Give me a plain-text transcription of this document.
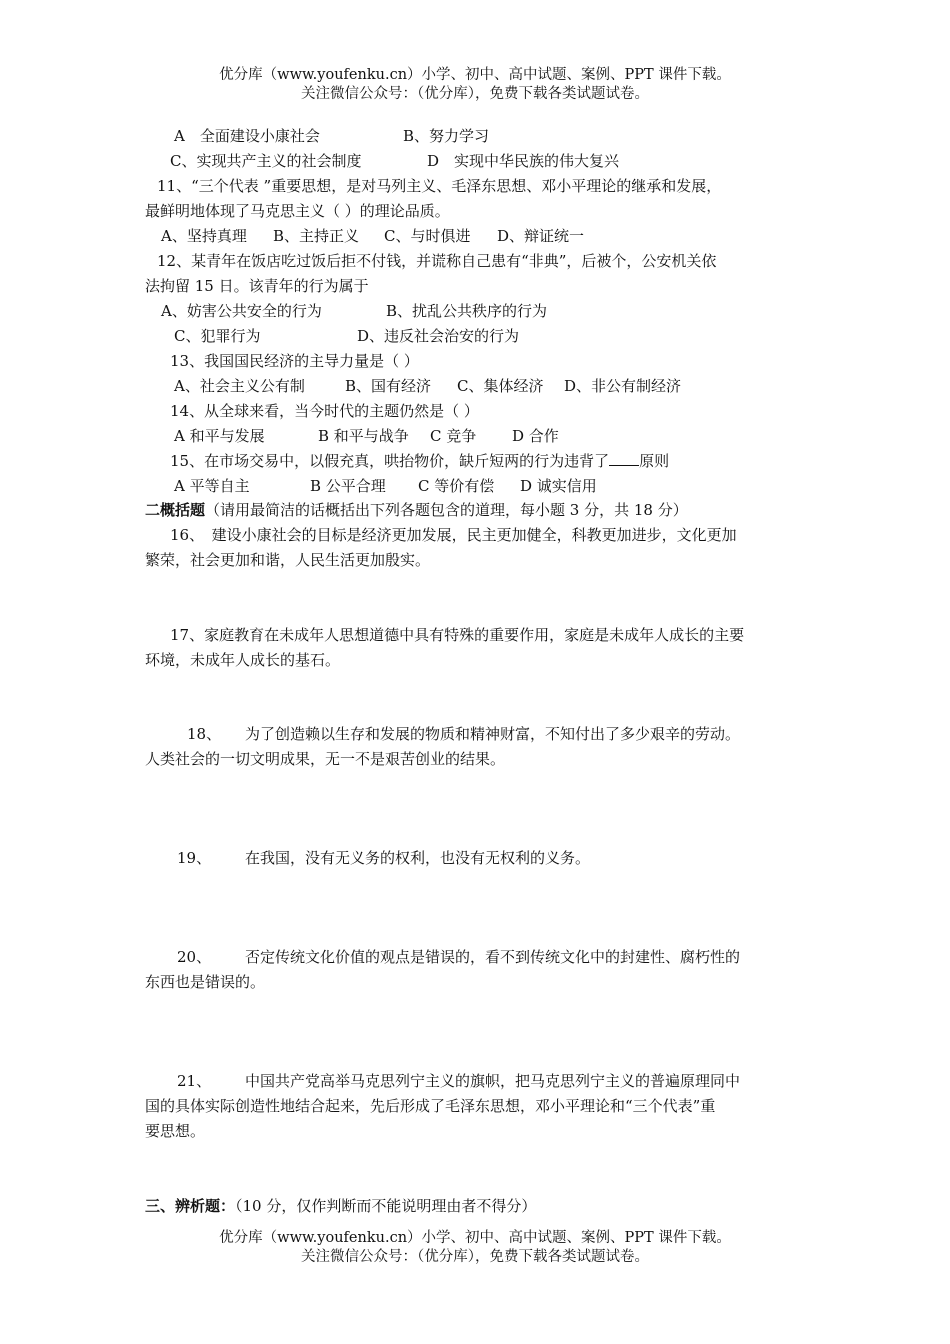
优分库（www.youfenku.cn）小学、初中、高中试题、案例、PPT 课件下载。
关注微信公众号：（优分库），免费下载各类试题试卷。
A　全面建设小康社会	B、努力学习
C、实现共产主义的社会制度	D　实现中华民族的伟大复兴
11、“三个代表 ”重要思想，是对马列主义、毛泽东思想、邓小平理论的继承和发展，
最鲜明地体现了马克思主义（ ）的理论品质。
A、坚持真理 B、主持正义 C、与时俱进 D、辩证统一
12、某青年在饭店吃过饭后拒不付钱，并谎称自己患有“非典”，后被个，公安机关依
法拘留 15 日。该青年的行为属于
A、妨害公共安全的行为	B、扰乱公共秩序的行为
C、犯罪行为	D、违反社会治安的行为
13、我国国民经济的主导力量是（ ）
A、社会主义公有制	B、国有经济 C、集体经济 D、非公有制经济
14、从全球来看，当今时代的主题仍然是（ ）
A 和平与发展	B 和平与战争 C 竞争 D 合作
15、在市场交易中，以假充真，哄抬物价，缺斤短两的行为违背了 原则
A 平等自主	B 公平合理 C 等价有偿 D 诚实信用
二概括题（请用最简洁的话概括出下列各题包含的道理，每小题 3 分，共 18 分）
16、　建设小康社会的目标是经济更加发展，民主更加健全，科教更加进步，文化更加
繁荣，社会更加和谐，人民生活更加殷实。
17、家庭教育在未成年人思想道德中具有特殊的重要作用，家庭是未成年人成长的主要
环境，未成年人成长的基石。
18、 为了创造赖以生存和发展的物质和精神财富，不知付出了多少艰辛的劳动。
人类社会的一切文明成果，无一不是艰苦创业的结果。
19、 在我国，没有无义务的权利，也没有无权利的义务。
20、 否定传统文化价值的观点是错误的，看不到传统文化中的封建性、腐朽性的
东西也是错误的。
21、 中国共产党高举马克思列宁主义的旗帜，把马克思列宁主义的普遍原理同中
国的具体实际创造性地结合起来，先后形成了毛泽东思想，邓小平理论和“三个代表”重
要思想。
三、辨析题：（10 分，仅作判断而不能说明理由者不得分）
优分库（www.youfenku.cn）小学、初中、高中试题、案例、PPT 课件下载。
关注微信公众号：（优分库），免费下载各类试题试卷。
